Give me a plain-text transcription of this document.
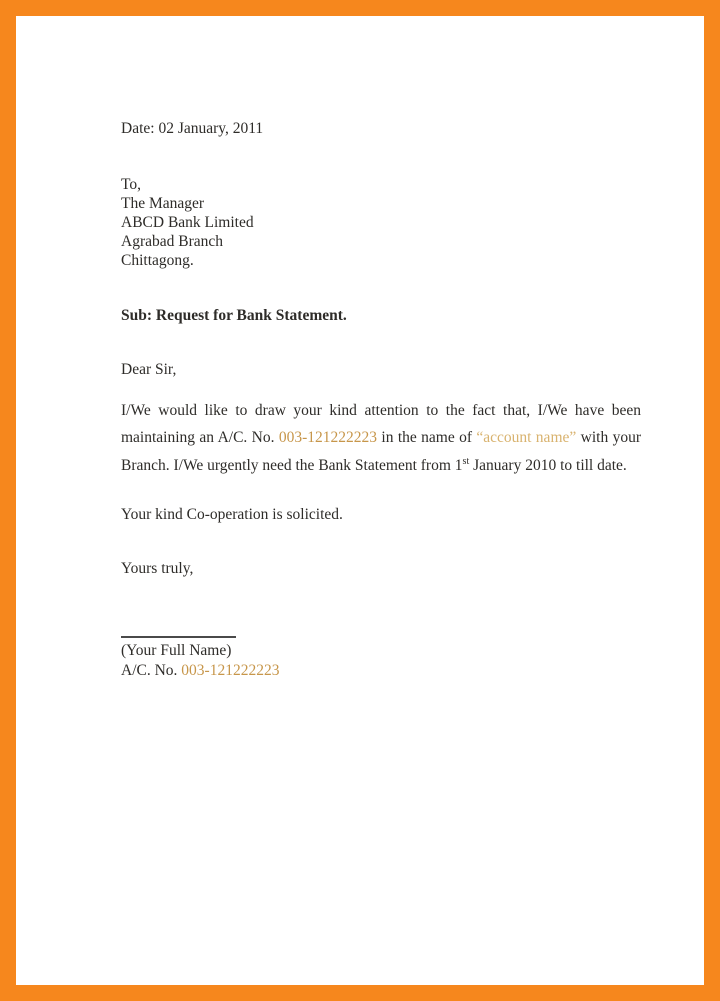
Date: 02 January, 2011

To,
The Manager
ABCD Bank Limited
Agrabad Branch
Chittagong.

Sub: Request for Bank Statement.

Dear Sir,

I/We would like to draw your kind attention to the fact that, I/We have been maintaining an A/C. No. 003-121222223 in the name of “account name” with your Branch. I/We urgently need the Bank Statement from 1st January 2010 to till date.

Your kind Co-operation is solicited.

Yours truly,

(Your Full Name)
A/C. No. 003-121222223
